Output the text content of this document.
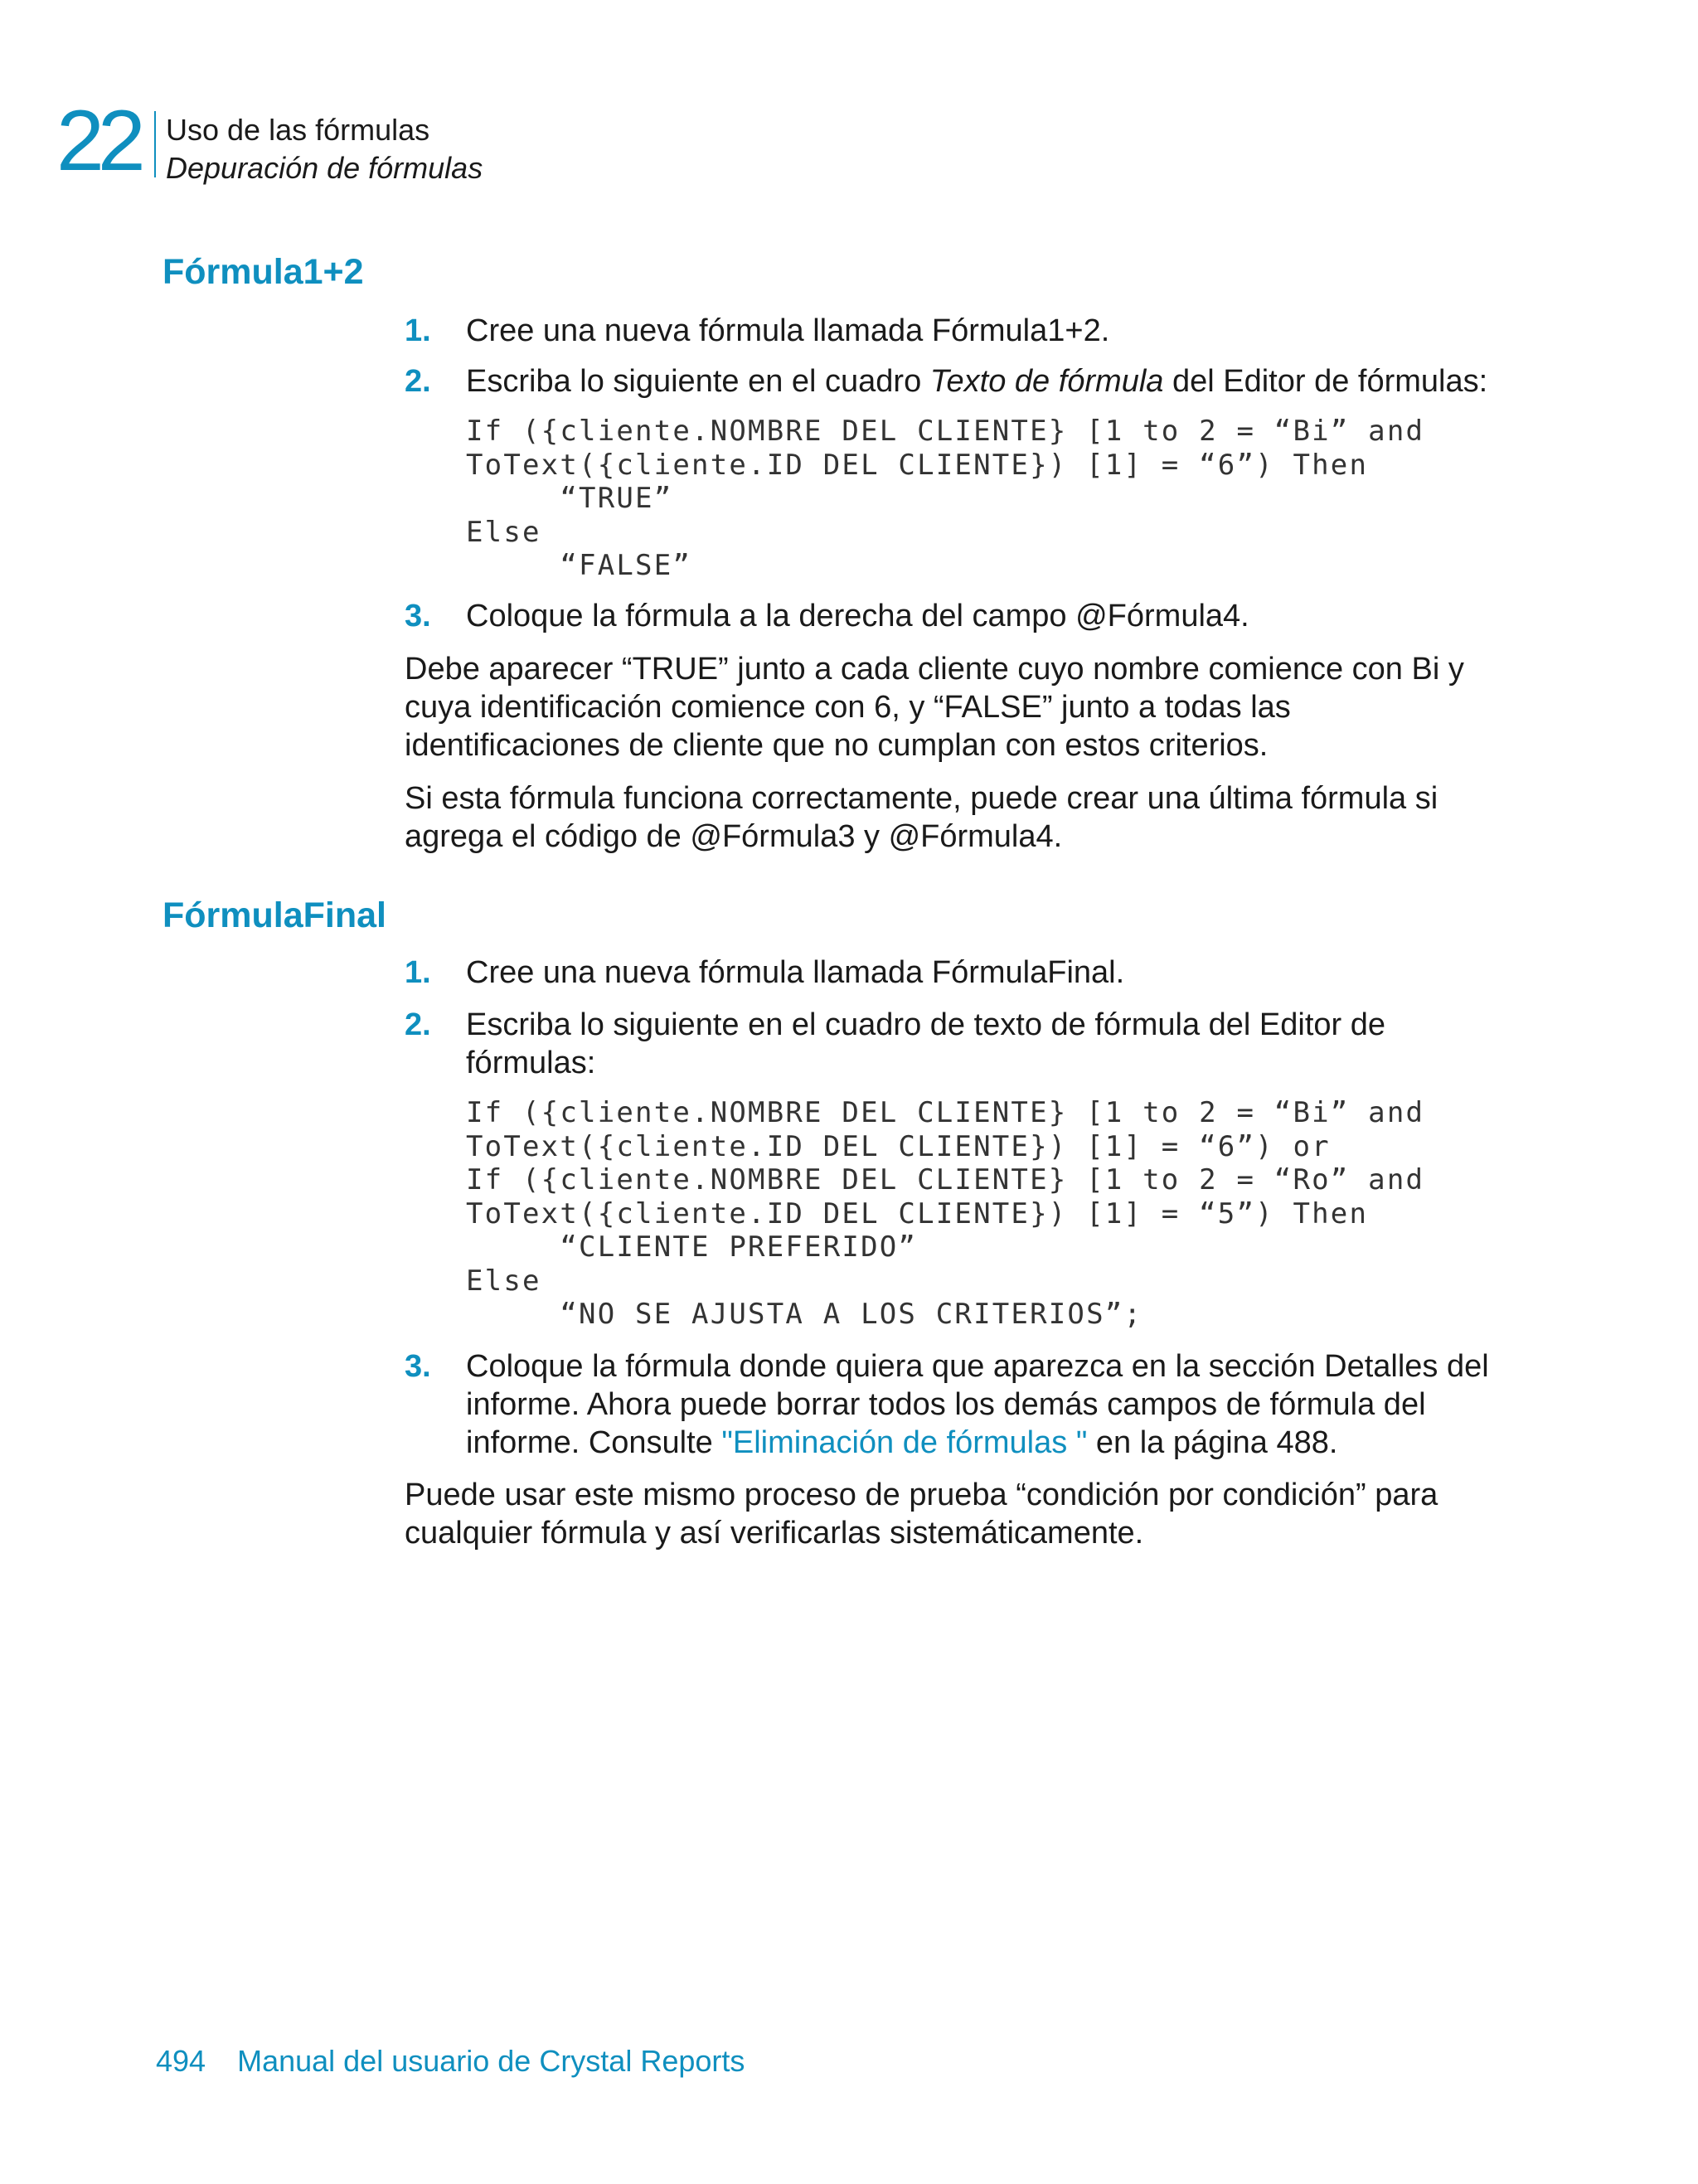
22 Uso de las fórmulas
Depuración de fórmulas
Fórmula1+2
1. Cree una nueva fórmula llamada Fórmula1+2.
2. Escriba lo siguiente en el cuadro Texto de fórmula del Editor de fórmulas:
If ({cliente.NOMBRE DEL CLIENTE} [1 to 2 = “Bi” and
ToText({cliente.ID DEL CLIENTE}) [1] = “6”) Then
“TRUE”
Else
“FALSE”
3. Coloque la fórmula a la derecha del campo @Fórmula4.
Debe aparecer “TRUE” junto a cada cliente cuyo nombre comience con Bi y cuya identificación comience con 6, y “FALSE” junto a todas las identificaciones de cliente que no cumplan con estos criterios.
Si esta fórmula funciona correctamente, puede crear una última fórmula si agrega el código de @Fórmula3 y @Fórmula4.
FórmulaFinal
1. Cree una nueva fórmula llamada FórmulaFinal.
2. Escriba lo siguiente en el cuadro de texto de fórmula del Editor de fórmulas:
If ({cliente.NOMBRE DEL CLIENTE} [1 to 2 = “Bi” and
ToText({cliente.ID DEL CLIENTE}) [1] = “6”) or
If ({cliente.NOMBRE DEL CLIENTE} [1 to 2 = “Ro” and
ToText({cliente.ID DEL CLIENTE}) [1] = “5”) Then
“CLIENTE PREFERIDO”
Else
“NO SE AJUSTA A LOS CRITERIOS”;
3. Coloque la fórmula donde quiera que aparezca en la sección Detalles del informe. Ahora puede borrar todos los demás campos de fórmula del informe. Consulte "Eliminación de fórmulas " en la página 488.
Puede usar este mismo proceso de prueba “condición por condición” para cualquier fórmula y así verificarlas sistemáticamente.
494 Manual del usuario de Crystal Reports
